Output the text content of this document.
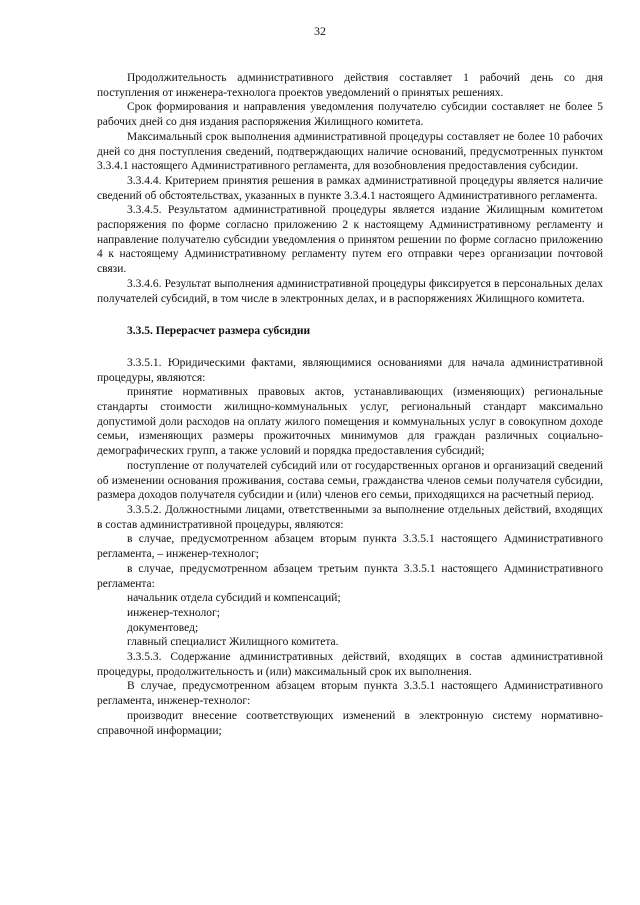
32

Продолжительность административного действия составляет 1 рабочий день со дня поступления от инженера-технолога проектов уведомлений о принятых решениях.

Срок формирования и направления уведомления получателю субсидии составляет не более 5 рабочих дней со дня издания распоряжения Жилищного комитета.

Максимальный срок выполнения административной процедуры составляет не более 10 рабочих дней со дня поступления сведений, подтверждающих наличие оснований, предусмотренных пунктом 3.3.4.1 настоящего Административного регламента, для возобновления предоставления субсидии.

3.3.4.4. Критерием принятия решения в рамках административной процедуры является наличие сведений об обстоятельствах, указанных в пункте 3.3.4.1 настоящего Административного регламента.

3.3.4.5. Результатом административной процедуры является издание Жилищным комитетом распоряжения по форме согласно приложению 2 к настоящему Административному регламенту и направление получателю субсидии уведомления о принятом решении по форме согласно приложению 4 к настоящему Административному регламенту путем его отправки через организации почтовой связи.

3.3.4.6. Результат выполнения административной процедуры фиксируется в персональных делах получателей субсидий, в том числе в электронных делах, и в распоряжениях Жилищного комитета.

3.3.5. Перерасчет размера субсидии

3.3.5.1. Юридическими фактами, являющимися основаниями для начала административной процедуры, являются:

принятие нормативных правовых актов, устанавливающих (изменяющих) региональные стандарты стоимости жилищно-коммунальных услуг, региональный стандарт максимально допустимой доли расходов на оплату жилого помещения и коммунальных услуг в совокупном доходе семьи, изменяющих размеры прожиточных минимумов для граждан различных социально-демографических групп, а также условий и порядка предоставления субсидий;

поступление от получателей субсидий или от государственных органов и организаций сведений об изменении основания проживания, состава семьи, гражданства членов семьи получателя субсидии, размера доходов получателя субсидии и (или) членов его семьи, приходящихся на расчетный период.

3.3.5.2. Должностными лицами, ответственными за выполнение отдельных действий, входящих в состав административной процедуры, являются:

в случае, предусмотренном абзацем вторым пункта 3.3.5.1 настоящего Административного регламента, – инженер-технолог;

в случае, предусмотренном абзацем третьим пункта 3.3.5.1 настоящего Административного регламента:

начальник отдела субсидий и компенсаций;

инженер-технолог;

документовед;

главный специалист Жилищного комитета.

3.3.5.3. Содержание административных действий, входящих в состав административной процедуры, продолжительность и (или) максимальный срок их выполнения.

В случае, предусмотренном абзацем вторым пункта 3.3.5.1 настоящего Административного регламента, инженер-технолог:

производит внесение соответствующих изменений в электронную систему нормативно-справочной информации;
